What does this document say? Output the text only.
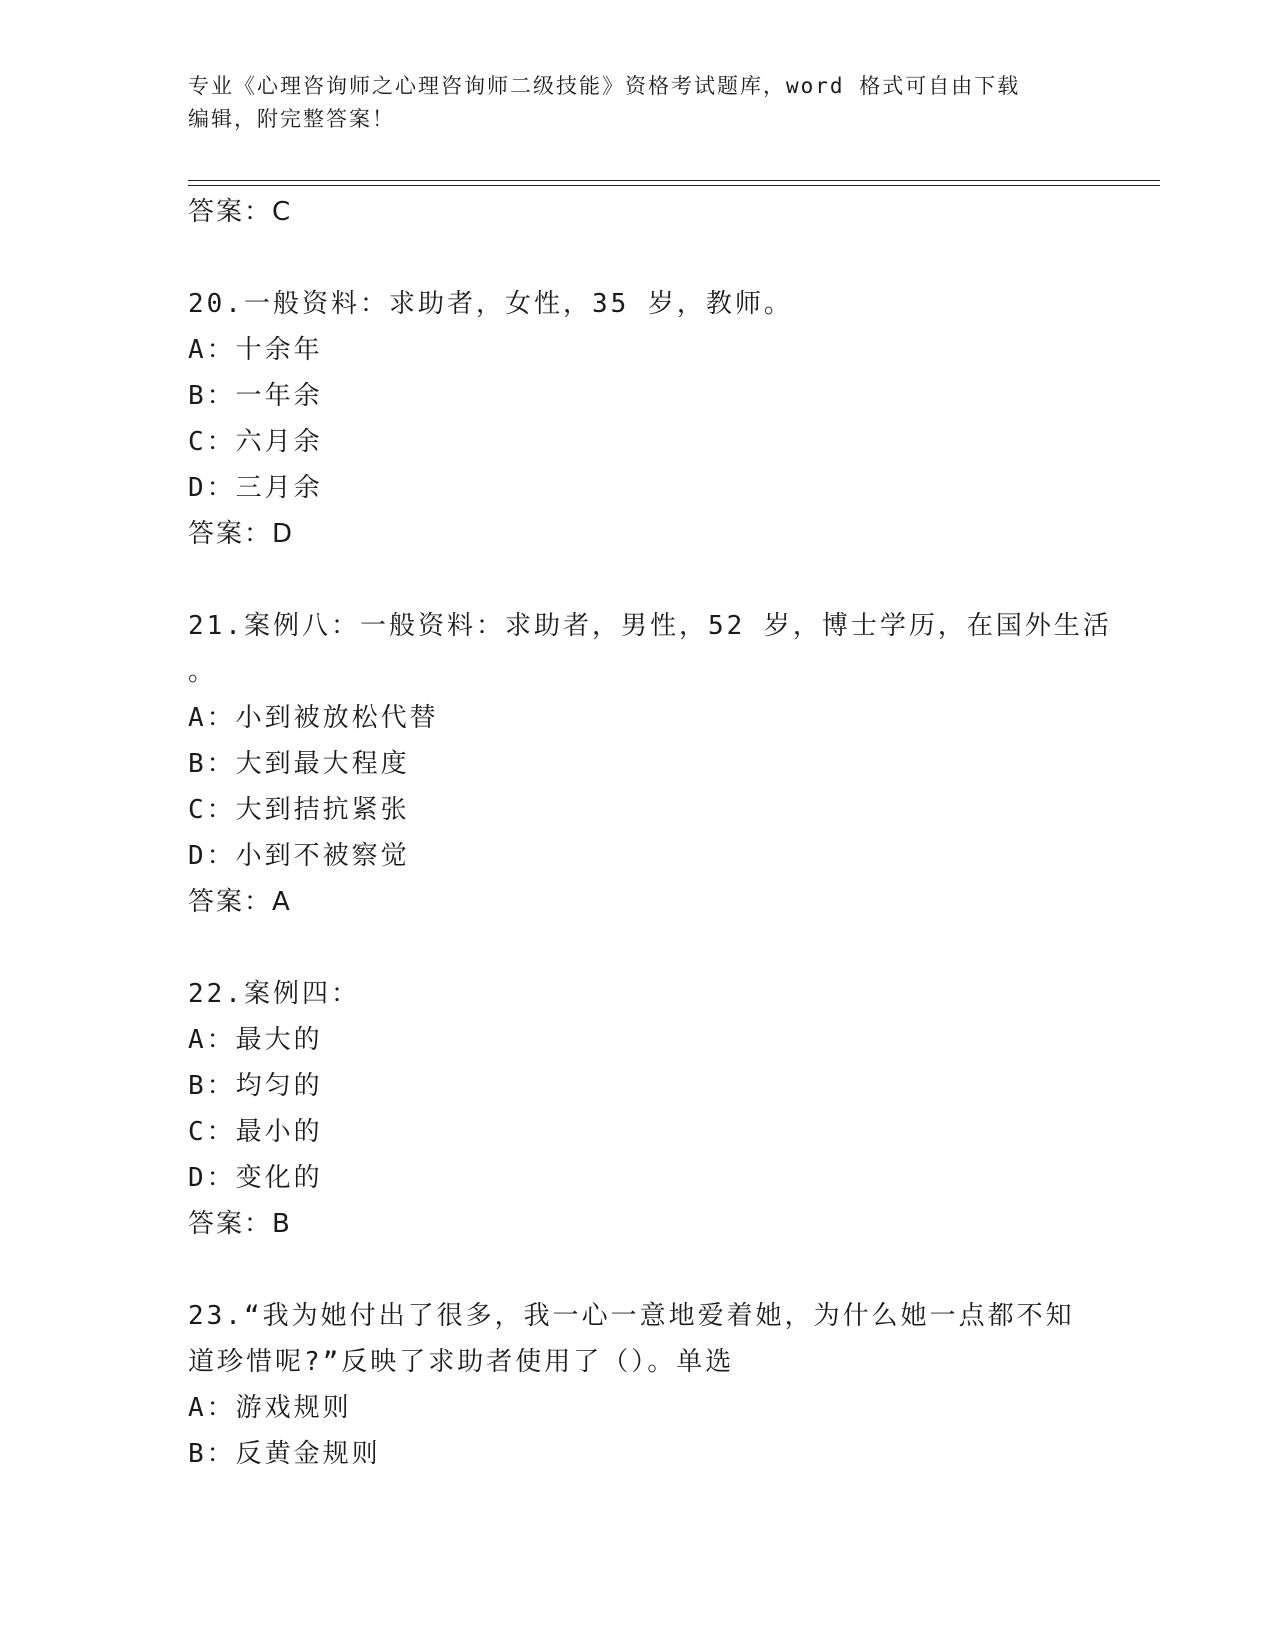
专业《心理咨询师之心理咨询师二级技能》资格考试题库，word 格式可自由下载
编辑，附完整答案！

答案：C

20.一般资料：求助者，女性，35 岁，教师。

A：十余年

B：一年余

C：六月余

D：三月余

答案：D

21.案例八：一般资料：求助者，男性，52 岁，博士学历，在国外生活

。

A：小到被放松代替

B：大到最大程度

C：大到拮抗紧张

D：小到不被察觉

答案：A

22.案例四：

A：最大的

B：均匀的

C：最小的

D：变化的

答案：B

23.“我为她付出了很多，我一心一意地爱着她，为什么她一点都不知

道珍惜呢?”反映了求助者使用了（）。单选

A：游戏规则

B：反黄金规则
